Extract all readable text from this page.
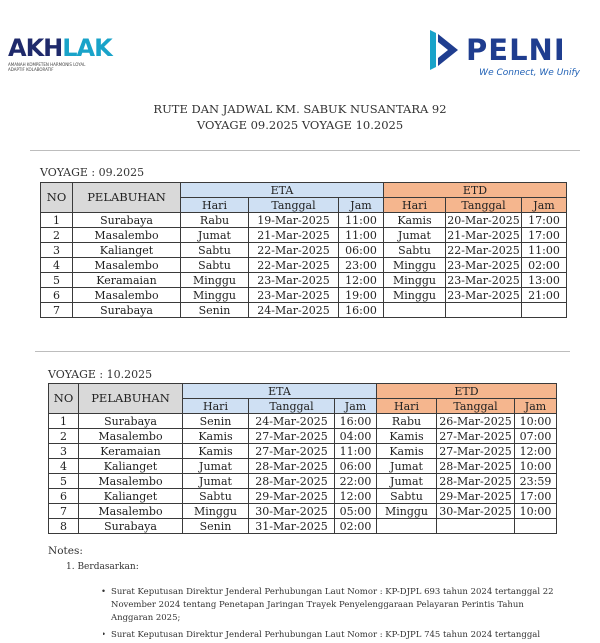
AKHLAK
AMANAH KOMPETEN HARMONIS LOYAL ADAPTIF KOLABORATIF
PELNI
We Connect, We Unify
RUTE DAN JADWAL KM. SABUK NUSANTARA 92
VOYAGE 09.2025 VOYAGE 10.2025
VOYAGE : 09.2025
NO	PELABUHAN	ETA			ETD		
		Hari	Tanggal	Jam	Hari	Tanggal	Jam
1	Surabaya	Rabu	19-Mar-2025	11:00	Kamis	20-Mar-2025	17:00
2	Masalembo	Jumat	21-Mar-2025	11:00	Jumat	21-Mar-2025	17:00
3	Kalianget	Sabtu	22-Mar-2025	06:00	Sabtu	22-Mar-2025	11:00
4	Masalembo	Sabtu	22-Mar-2025	23:00	Minggu	23-Mar-2025	02:00
5	Keramaian	Minggu	23-Mar-2025	12:00	Minggu	23-Mar-2025	13:00
6	Masalembo	Minggu	23-Mar-2025	19:00	Minggu	23-Mar-2025	21:00
7	Surabaya	Senin	24-Mar-2025	16:00			
VOYAGE : 10.2025
NO	PELABUHAN	ETA			ETD		
		Hari	Tanggal	Jam	Hari	Tanggal	Jam
1	Surabaya	Senin	24-Mar-2025	16:00	Rabu	26-Mar-2025	10:00
2	Masalembo	Kamis	27-Mar-2025	04:00	Kamis	27-Mar-2025	07:00
3	Keramaian	Kamis	27-Mar-2025	11:00	Kamis	27-Mar-2025	12:00
4	Kalianget	Jumat	28-Mar-2025	06:00	Jumat	28-Mar-2025	10:00
5	Masalembo	Jumat	28-Mar-2025	22:00	Jumat	28-Mar-2025	23:59
6	Kalianget	Sabtu	29-Mar-2025	12:00	Sabtu	29-Mar-2025	17:00
7	Masalembo	Minggu	30-Mar-2025	05:00	Minggu	30-Mar-2025	10:00
8	Surabaya	Senin	31-Mar-2025	02:00			
Notes:
1. Berdasarkan:
• Surat Keputusan Direktur Jenderal Perhubungan Laut Nomor : KP-DJPL 693 tahun 2024 tertanggal 22 November 2024 tentang Penetapan Jaringan Trayek Penyelenggaraan Pelayaran Perintis Tahun Anggaran 2025;
• Surat Keputusan Direktur Jenderal Perhubungan Laut Nomor : KP-DJPL 745 tahun 2024 tertanggal
